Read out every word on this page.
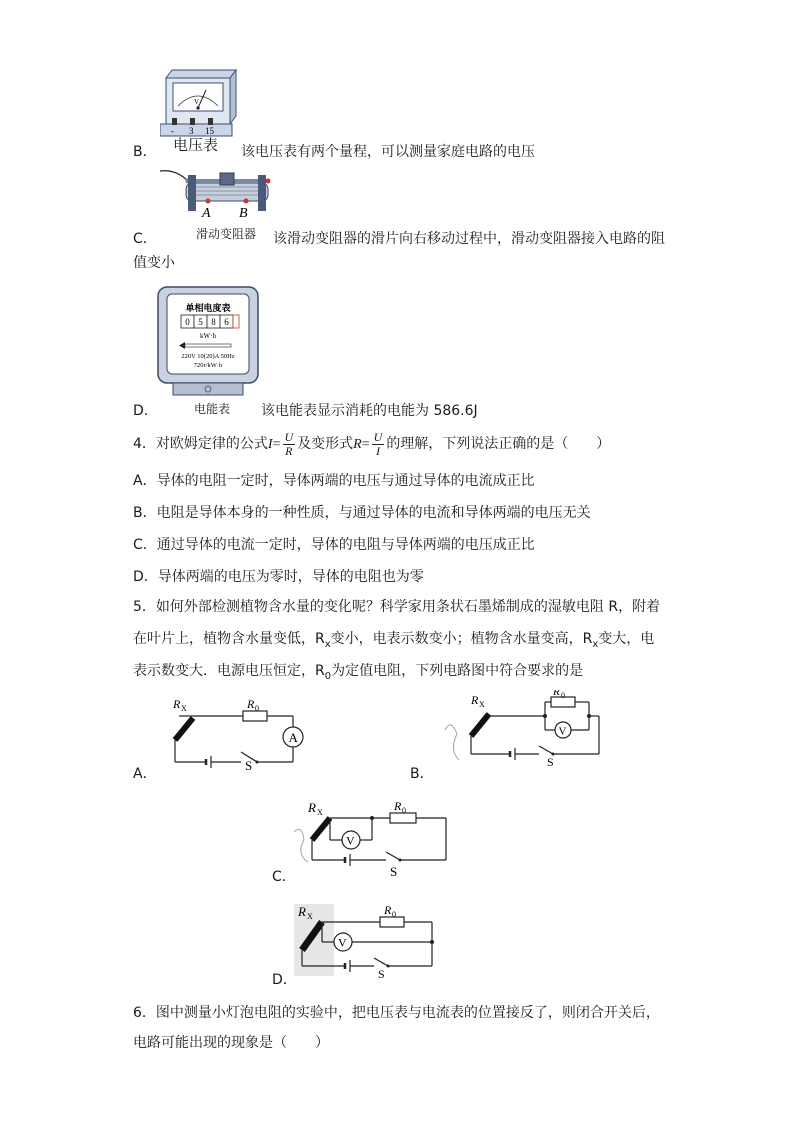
V
- 3 15
电压表
B．	该电压表有两个量程，可以测量家庭电路的电压
A B
滑动变阻器
C．	该滑动变阻器的滑片向右移动过程中，滑动变阻器接入电路的阻
值变小
单相电度表
0 5 8 6
kW·h
220V 10(20)A 50Hz
720r/kW·h
电能表
D．	该电能表显示消耗的电能为 586.6J
4．对欧姆定律的公式$I= \frac{U}{R}$ 及变形式$R= \frac{U}{I}$ 的理解，下列说法正确的是（　　）
A．导体的电阻一定时，导体两端的电压与通过导体的电流成正比
B．电阻是导体本身的一种性质，与通过导体的电流和导体两端的电压无关
C．通过导体的电流一定时，导体的电阻与导体两端的电压成正比
D．导体两端的电压为零时，导体的电阻也为零
5．如何外部检测植物含水量的变化呢？科学家用条状石墨烯制成的湿敏电阻 R，附着
在叶片上，植物含水量变低，$R_x$变小，电表示数变小；植物含水量变高，$R_x$变大，电
表示数变大．电源电压恒定，$R_0$为定值电阻，下列电路图中符合要求的是
R X	R 0
A
S
A．
R X
R 0
V
S
B．
R X
V
R 0
S
C．
R X
V
R 0
S
D．
6．图中测量小灯泡电阻的实验中，把电压表与电流表的位置接反了，则闭合开关后，
电路可能出现的现象是（　　）
